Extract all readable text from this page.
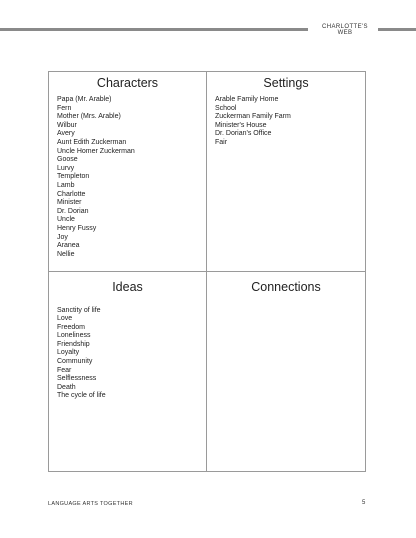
CHARLOTTE'S WEB
Characters
Papa (Mr. Arable)
Fern
Mother (Mrs. Arable)
Wilbur
Avery
Aunt Edith Zuckerman
Uncle Homer Zuckerman
Goose
Lurvy
Templeton
Lamb
Charlotte
Minister
Dr. Dorian
Uncle
Henry Fussy
Joy
Aranea
Nellie
Settings
Arable Family Home
School
Zuckerman Family Farm
Minister's House
Dr. Dorian's Office
Fair
Ideas
Sanctity of life
Love
Freedom
Loneliness
Friendship
Loyalty
Community
Fear
Selflessness
Death
The cycle of life
Connections
LANGUAGE ARTS TOGETHER	5
